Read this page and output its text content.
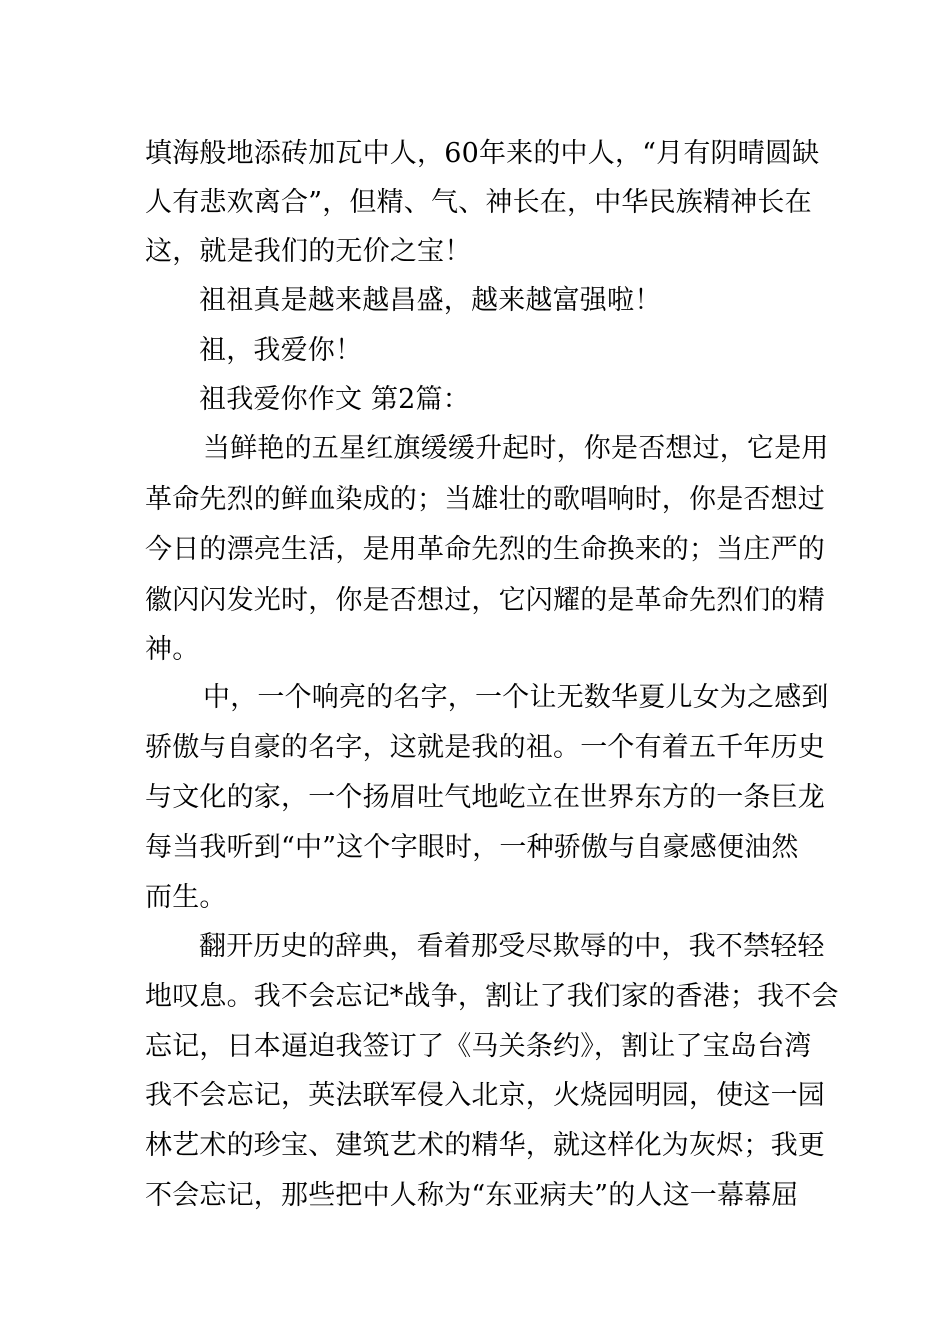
填海般地添砖加瓦中人，60年来的中人，“月有阴晴圆缺
人有悲欢离合”，但精、气、神长在，中华民族精神长在
这，就是我们的无价之宝！
祖祖真是越来越昌盛，越来越富强啦！
祖，我爱你！
祖我爱你作文 第2篇：
当鲜艳的五星红旗缓缓升起时，你是否想过，它是用
革命先烈的鲜血染成的；当雄壮的歌唱响时，你是否想过
今日的漂亮生活，是用革命先烈的生命换来的；当庄严的
徽闪闪发光时，你是否想过，它闪耀的是革命先烈们的精
神。
中，一个响亮的名字，一个让无数华夏儿女为之感到
骄傲与自豪的名字，这就是我的祖。一个有着五千年历史
与文化的家，一个扬眉吐气地屹立在世界东方的一条巨龙
每当我听到“中”这个字眼时，一种骄傲与自豪感便油然
而生。
翻开历史的辞典，看着那受尽欺辱的中，我不禁轻轻
地叹息。我不会忘记*战争，割让了我们家的香港；我不会
忘记，日本逼迫我签订了《马关条约》，割让了宝岛台湾
我不会忘记，英法联军侵入北京，火烧园明园，使这一园
林艺术的珍宝、建筑艺术的精华，就这样化为灰烬；我更
不会忘记，那些把中人称为“东亚病夫”的人这一幕幕屈
